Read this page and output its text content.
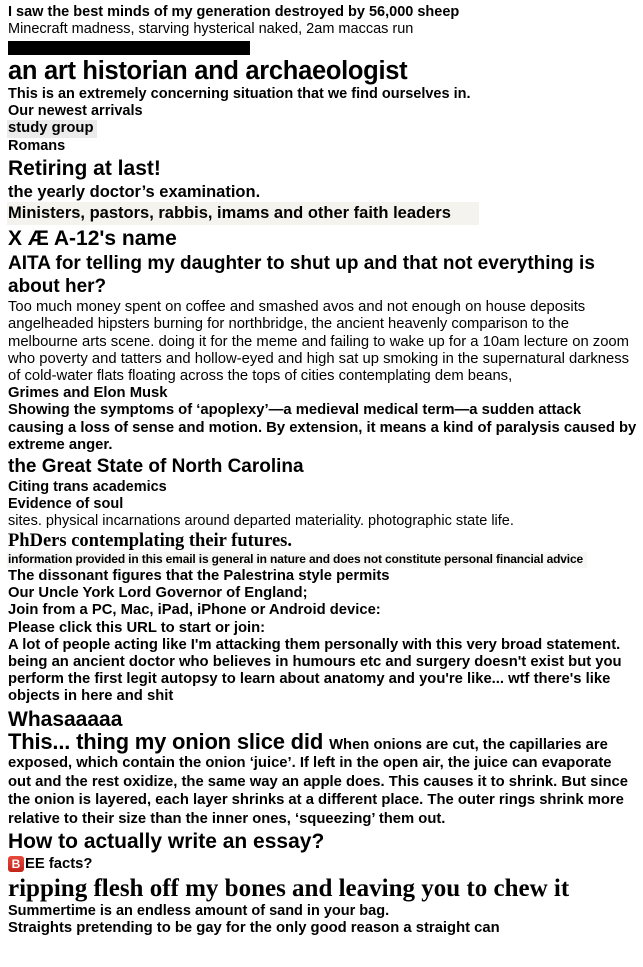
I saw the best minds of my generation destroyed by 56,000 sheep
Minecraft madness, starving hysterical naked, 2am maccas run
an art historian and archaeologist
This is an extremely concerning situation that we find ourselves in.
Our newest arrivals
study group
Romans
Retiring at last!
the yearly doctor’s examination.
Ministers, pastors, rabbis, imams and other faith leaders
X Æ A-12's name
AITA for telling my daughter to shut up and that not everything is about her?
Too much money spent on coffee and smashed avos and not enough on house deposits angelheaded hipsters burning for northbridge, the ancient heavenly comparison to the melbourne arts scene. doing it for the meme and failing to wake up for a 10am lecture on zoom
who poverty and tatters and hollow-eyed and high sat up smoking in the supernatural darkness of cold-water flats floating across the tops of cities contemplating dem beans,
Grimes and Elon Musk
Showing the symptoms of ‘apoplexy’—a medieval medical term—a sudden attack causing a loss of sense and motion. By extension, it means a kind of paralysis caused by extreme anger.
the Great State of North Carolina
Citing trans academics
Evidence of soul
sites. physical incarnations around departed materiality. photographic state life.
PhDers contemplating their futures.
information provided in this email is general in nature and does not constitute personal financial advice
The dissonant figures that the Palestrina style permits
Our Uncle York Lord Governor of England;
Join from a PC, Mac, iPad, iPhone or Android device:
Please click this URL to start or join:
A lot of people acting like I'm attacking them personally with this very broad statement.
being an ancient doctor who believes in humours etc and surgery doesn't exist but you perform the first legit autopsy to learn about anatomy and you're like... wtf there's like objects in here and shit
Whasaaaaa
This... thing my onion slice did When onions are cut, the capillaries are exposed, which contain the onion ‘juice’. If left in the open air, the juice can evaporate out and the rest oxidize, the same way an apple does. This causes it to shrink. But since the onion is layered, each layer shrinks at a different place. The outer rings shrink more relative to their size than the inner ones, ‘squeezing’ them out.
How to actually write an essay?
B EE facts?
ripping flesh off my bones and leaving you to chew it
Summertime is an endless amount of sand in your bag.
Straights pretending to be gay for the only good reason a straight can
